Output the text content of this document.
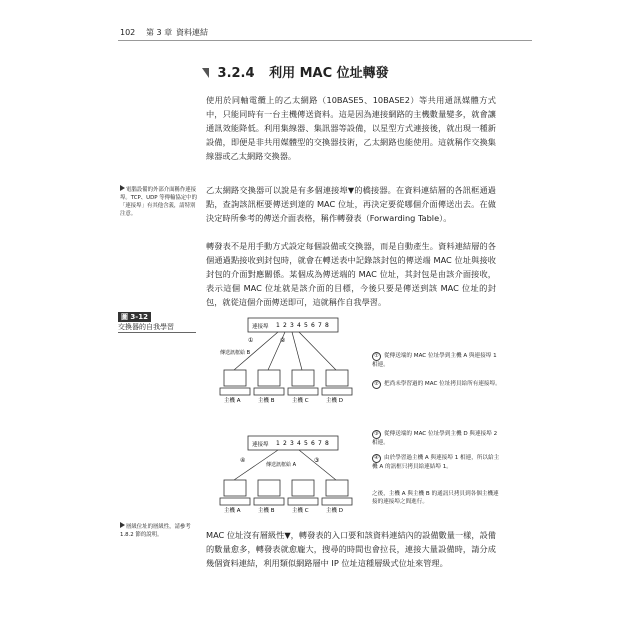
102 第 3 章 資料連結
3.2.4 利用 MAC 位址轉發

使用於同軸電纜上的乙太網路（10BASE5、10BASE2）等共用通訊媒體方式中，只能同時有一台主機傳送資料。這是因為連接網路的主機數量變多，就會讓通訊效能降低。利用集線器、集訊器等設備，以星型方式連接後，就出現一種新設備，即便是非共用媒體型的交換器技術，乙太網路也能使用。這就稱作交換集線器或乙太網路交換器。

乙太網路交換器可以說是有多個連接埠▼的橋接器。在資料連結層的各訊框通過點，查詢該訊框要傳送到達的 MAC 位址，再決定要從哪個介面傳送出去。在做決定時所參考的傳送介面表格，稱作轉發表（Forwarding Table）。

轉發表不是用手動方式設定每個設備或交換器，而是自動產生。資料連結層的各個通過點接收到封包時，就會在轉送表中記錄該封包的傳送端 MAC 位址與接收封包的介面對應關係。某個成為傳送端的 MAC 位址，其封包是由該介面接收，表示這個 MAC 位址就是該介面的目標，今後只要是傳送到該 MAC 位址的封包，就從這個介面傳送即可，這就稱作自我學習。

MAC 位址沒有層級性▼，轉發表的入口要和該資料連結內的設備數量一樣，設備的數量愈多，轉發表就愈龐大，搜尋的時間也會拉長，連接大量設備時，請分成幾個資料連結，利用類似網路層中 IP 位址這種層級式位址來管理。

電腦設備的外部介面稱作連接埠。TCP、UDP 等傳輸協定中的「連接埠」有其他含義，請特別注意。
層級位址的層級性，請參考 1.8.2 節的說明。
圖 3-12
交換器的自我學習	連接埠 1 2 3 4 5 6 7 8
傳送訊框給 B
①	②
主機 A	主機 B	主機 C	主機 D
連接埠 1 2 3 4 5 6 7 8
傳送訊框給 A
④	③
主機 A	主機 B	主機 C	主機 D
① 從傳送端的 MAC 位址學到主機 A 與連接埠 1 相連。
② 把尚未學習過的 MAC 位址拷貝給所有連接埠。
③ 從傳送端的 MAC 位址學到主機 D 與連接埠 2 相連。
④ 由於學習過主機 A 與連接埠 1 相連，所以給主機 A 的訊框只拷貝給連結埠 1。
之後，主機 A 與主機 B 的通訊只拷貝到各個主機連接的連接埠之間進行。
